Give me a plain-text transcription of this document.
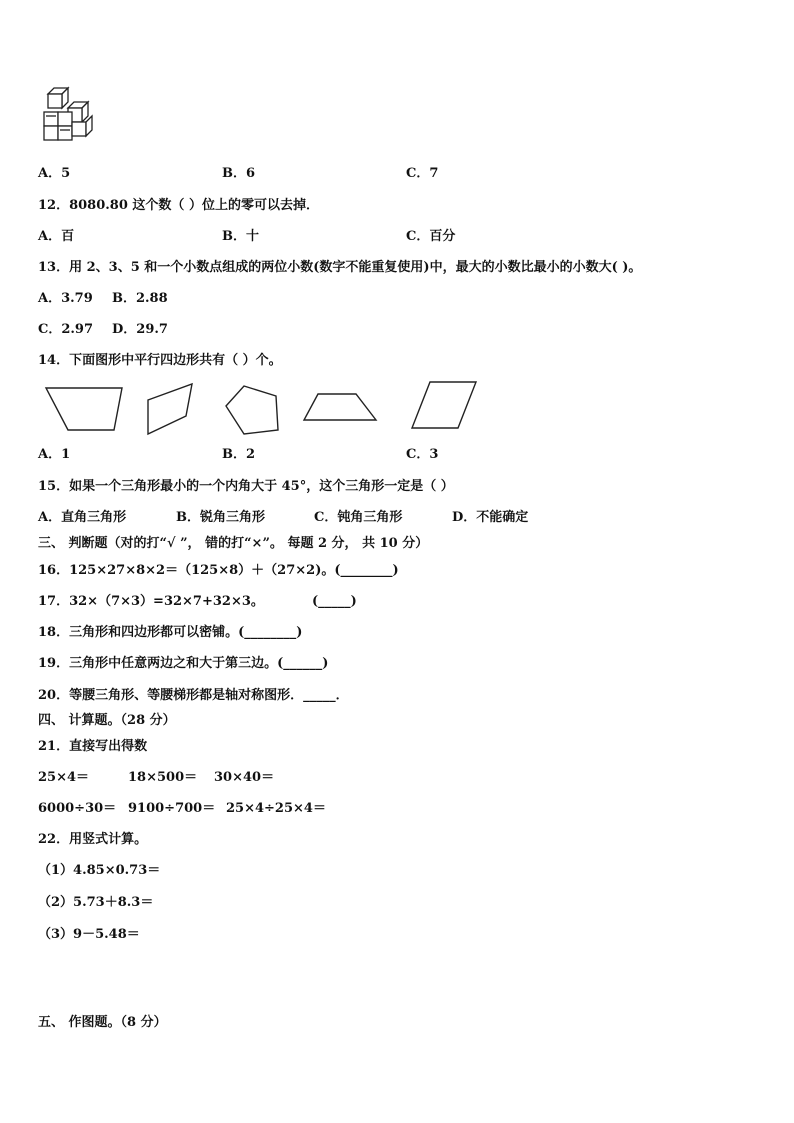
A．5	B．6	C．7
12．8080.80 这个数（ ）位上的零可以去掉．
A．百	B．十	C．百分
13．用 2、3、5 和一个小数点组成的两位小数(数字不能重复使用)中，最大的小数比最小的小数大( )。
A．3.79 B．2.88
C．2.97 D．29.7
14．下面图形中平行四边形共有（ ）个。
A．1	B．2	C．3
15．如果一个三角形最小的一个内角大于 45°，这个三角形一定是（ ）
A．直角三角形	B．锐角三角形	C．钝角三角形	D．不能确定
三、 判断题（对的打“√ ”， 错的打“×”。 每题 2 分， 共 10 分）
16．125×27×8×2＝（125×8）＋（27×2)。(________)
17．32×（7×3）=32×7+32×3。	(_____)
18．三角形和四边形都可以密铺。(________)
19．三角形中任意两边之和大于第三边。(______)
20．等腰三角形、等腰梯形都是轴对称图形．_____．
四、 计算题。（28 分）
21．直接写出得数
25×4＝	18×500＝ 30×40＝
6000÷30＝ 9100÷700＝ 25×4÷25×4＝
22．用竖式计算。
（1）4.85×0.73＝
（2）5.73＋8.3＝
（3）9－5.48＝
五、 作图题。（8 分）
